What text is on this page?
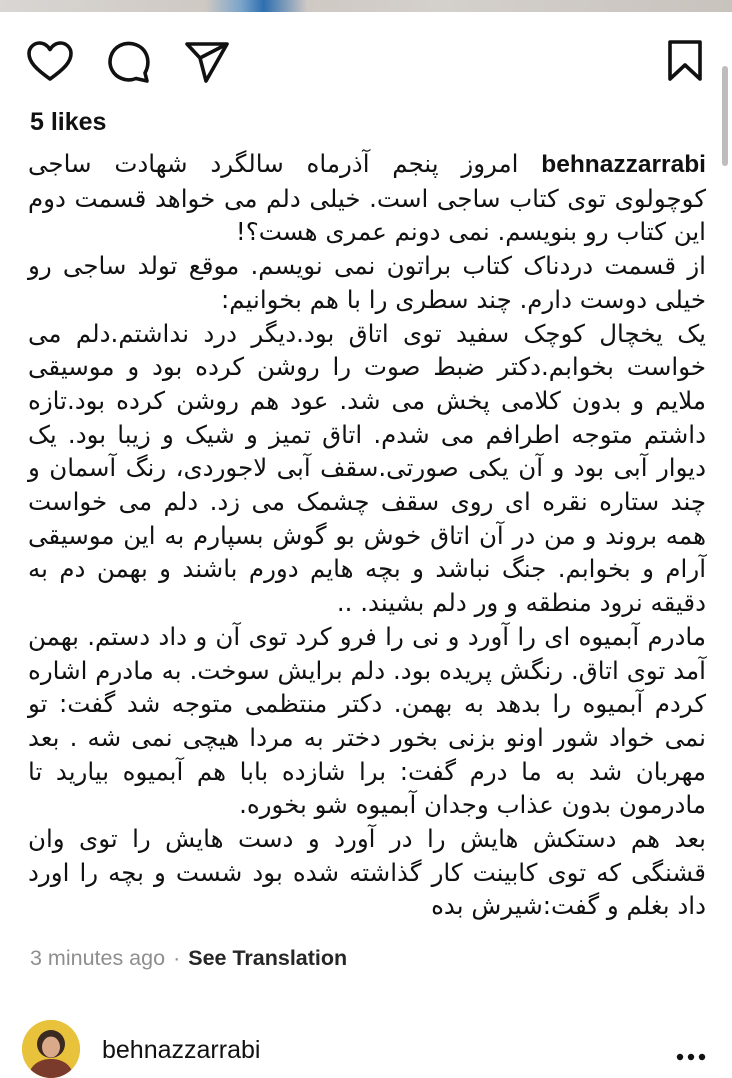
5 likes

behnazzarrabi امروز پنجم آذرماه سالگرد شهادت ساجی کوچولوی توی کتاب ساجی است. خیلی دلم می خواهد قسمت دوم این کتاب رو بنویسم. نمی دونم عمری هست؟!

از قسمت دردناک کتاب براتون نمی نویسم. موقع تولد ساجی رو خیلی دوست دارم. چند سطری را با هم بخوانیم:

یک یخچال کوچک سفید توی اتاق بود.دیگر درد نداشتم.دلم می خواست بخوابم.دکتر ضبط صوت را روشن کرده بود و موسیقی ملایم و بدون کلامی پخش می شد. عود هم روشن کرده بود.تازه داشتم متوجه اطرافم می شدم. اتاق تمیز و شیک و زیبا بود. یک دیوار آبی بود و آن یکی صورتی.سقف آبی لاجوردی، رنگ آسمان و چند ستاره نقره ای روی سقف چشمک می زد. دلم می خواست همه بروند و من در آن اتاق خوش بو گوش بسپارم به این موسیقی آرام و بخوابم. جنگ نباشد و بچه هایم دورم باشند و بهمن دم به دقیقه نرود منطقه و ور دلم بشیند. ..

مادرم آبمیوه ای را آورد و نی را فرو کرد توی آن و داد دستم. بهمن آمد توی اتاق. رنگش پریده بود. دلم برایش سوخت. به مادرم اشاره کردم آبمیوه را بدهد به بهمن. دکتر منتظمی متوجه شد گفت: تو نمی خواد شور اونو بزنی بخور دختر به مردا هیچی نمی شه . بعد مهربان شد به ما درم گفت: برا شازده بابا هم آبمیوه بیارید تا مادرمون بدون عذاب وجدان آبمیوه شو بخوره.

بعد هم دستکش هایش را در آورد و دست هایش را توی وان قشنگی که توی کابینت کار گذاشته شده بود شست و بچه را اورد داد بغلم و گفت:شیرش بده

3 minutes ago · See Translation
behnazzarrabi
